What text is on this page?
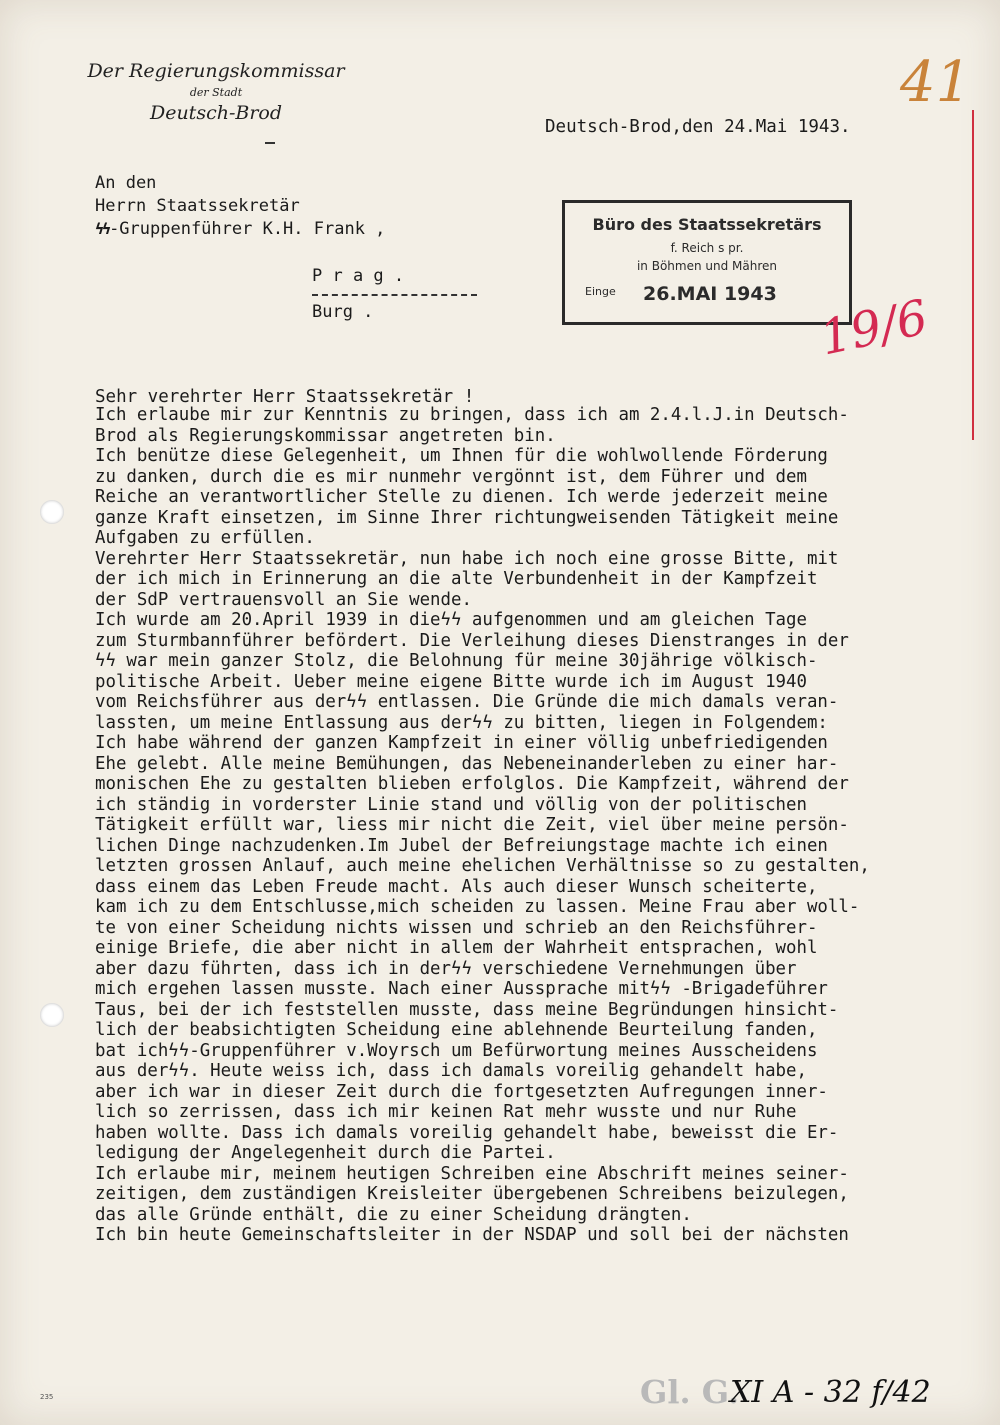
Der Regierungskommissar
der Stadt
Deutsch-Brod
Deutsch-Brod,den 24.Mai 1943.
41
An den
Herrn Staatssekretär
ϟϟ-Gruppenführer K.H. Frank ,
P r a g .
Burg .
Büro des Staatssekretärs
f. Reich s pr.
in Böhmen und Mähren
Einge 26.MAI 1943 19/6
Sehr verehrter Herr Staatssekretär !
Ich erlaube mir zur Kenntnis zu bringen, dass ich am 2.4.l.J.in Deutsch-
Brod als Regierungskommissar angetreten bin.
Ich benütze diese Gelegenheit, um Ihnen für die wohlwollende Förderung
zu danken, durch die es mir nunmehr vergönnt ist, dem Führer und dem
Reiche an verantwortlicher Stelle zu dienen. Ich werde jederzeit meine
ganze Kraft einsetzen, im Sinne Ihrer richtungweisenden Tätigkeit meine
Aufgaben zu erfüllen.
Verehrter Herr Staatssekretär, nun habe ich noch eine grosse Bitte, mit
der ich mich in Erinnerung an die alte Verbundenheit in der Kampfzeit
der SdP vertrauensvoll an Sie wende.
Ich wurde am 20.April 1939 in dieϟϟ aufgenommen und am gleichen Tage
zum Sturmbannführer befördert. Die Verleihung dieses Dienstranges in der
ϟϟ war mein ganzer Stolz, die Belohnung für meine 30jährige völkisch-
politische Arbeit. Ueber meine eigene Bitte wurde ich im August 1940
vom Reichsführer aus derϟϟ entlassen. Die Gründe die mich damals veran-
lassten, um meine Entlassung aus derϟϟ zu bitten, liegen in Folgendem:
Ich habe während der ganzen Kampfzeit in einer völlig unbefriedigenden
Ehe gelebt. Alle meine Bemühungen, das Nebeneinanderleben zu einer har-
monischen Ehe zu gestalten blieben erfolglos. Die Kampfzeit, während der
ich ständig in vorderster Linie stand und völlig von der politischen
Tätigkeit erfüllt war, liess mir nicht die Zeit, viel über meine persön-
lichen Dinge nachzudenken.Im Jubel der Befreiungstage machte ich einen
letzten grossen Anlauf, auch meine ehelichen Verhältnisse so zu gestalten,
dass einem das Leben Freude macht. Als auch dieser Wunsch scheiterte,
kam ich zu dem Entschlusse,mich scheiden zu lassen. Meine Frau aber woll-
te von einer Scheidung nichts wissen und schrieb an den Reichsführer-
einige Briefe, die aber nicht in allem der Wahrheit entsprachen, wohl
aber dazu führten, dass ich in derϟϟ verschiedene Vernehmungen über
mich ergehen lassen musste. Nach einer Aussprache mitϟϟ -Brigadeführer
Taus, bei der ich feststellen musste, dass meine Begründungen hinsicht-
lich der beabsichtigten Scheidung eine ablehnende Beurteilung fanden,
bat ichϟϟ-Gruppenführer v.Woyrsch um Befürwortung meines Ausscheidens
aus derϟϟ. Heute weiss ich, dass ich damals voreilig gehandelt habe,
aber ich war in dieser Zeit durch die fortgesetzten Aufregungen inner-
lich so zerrissen, dass ich mir keinen Rat mehr wusste und nur Ruhe
haben wollte. Dass ich damals voreilig gehandelt habe, beweisst die Er-
ledigung der Angelegenheit durch die Partei.
Ich erlaube mir, meinem heutigen Schreiben eine Abschrift meines seiner-
zeitigen, dem zuständigen Kreisleiter übergebenen Schreibens beizulegen,
das alle Gründe enthält, die zu einer Scheidung drängten.
Ich bin heute Gemeinschaftsleiter in der NSDAP und soll bei der nächsten
Gl. G.
XI A - 32 f/42
235
